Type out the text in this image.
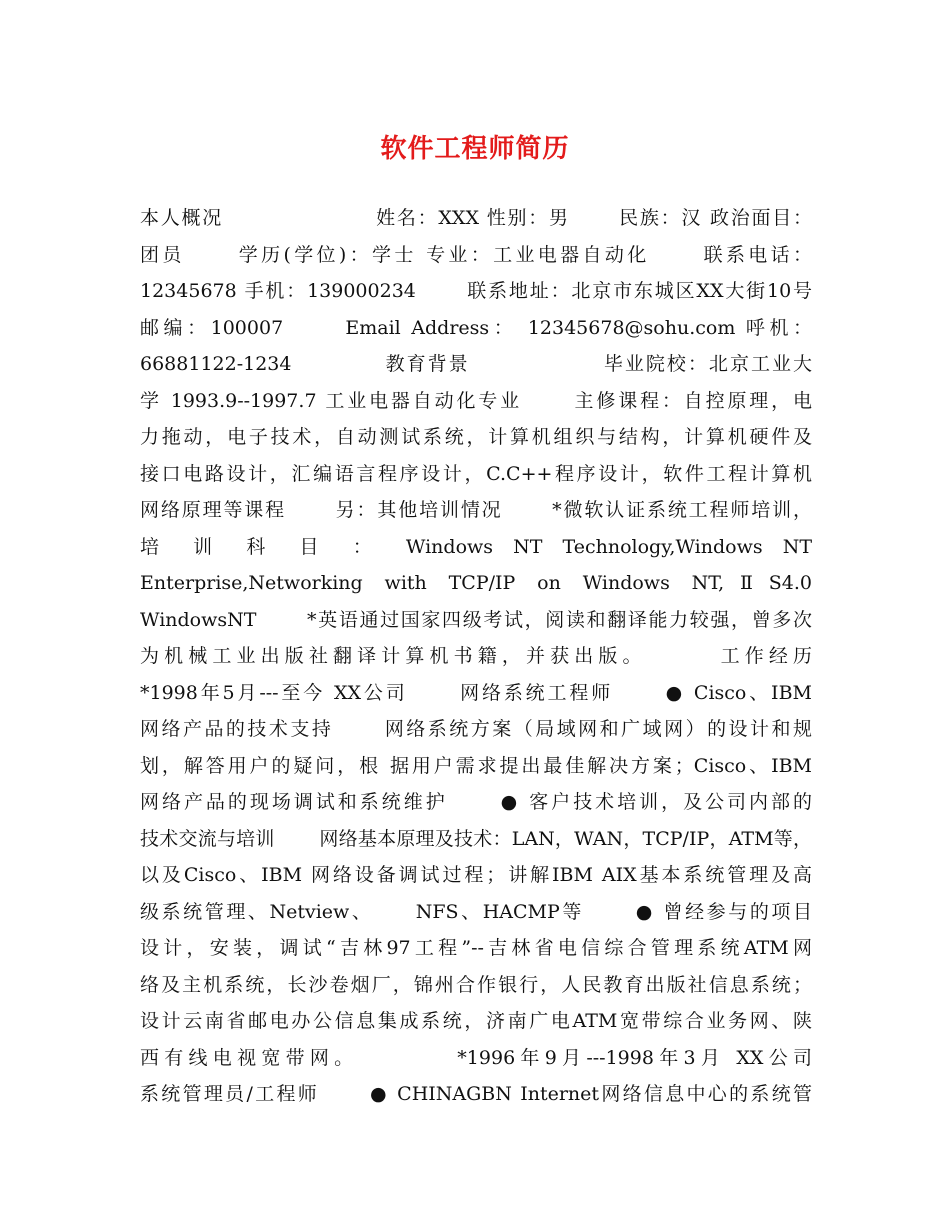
软件工程师简历
本人概况　　　　　　　 姓名：XXX 性别：男　　 民族：汉 政治面目：
团员　　 学历(学位)：学士 专业：工业电器自动化　　 联系电话：
12345678 手机：139000234　　 联系地址：北京市东城区XX大街10号
邮编：100007　　 Email Address： 12345678@sohu.com 呼机：
66881122-1234　　　　 教育背景　　　　　　 毕业院校：北京工业大
学 1993.9--1997.7 工业电器自动化专业　　 主修课程：自控原理，电
力拖动，电子技术，自动测试系统，计算机组织与结构，计算机硬件及
接口电路设计，汇编语言程序设计，C.C++程序设计，软件工程计算机
网络原理等课程　　 另：其他培训情况　　 *微软认证系统工程师培训，
培 训 科 目 ： Windows NT Technology,Windows NT
Enterprise,Networking with TCP/IP on Windows NT,ⅡS4.0
WindowsNT　　 *英语通过国家四级考试，阅读和翻译能力较强，曾多次
为机械工业出版社翻译计算机书籍，并获出版。　　　 工作经历
*1998年5月---至今 XX公司　　 网络系统工程师　　 ● Cisco、IBM
网络产品的技术支持　　 网络系统方案（局域网和广域网）的设计和规
划，解答用户的疑问，根 据用户需求提出最佳解决方案；Cisco、IBM
网络产品的现场调试和系统维护　　 ● 客户技术培训，及公司内部的
技术交流与培训　　 网络基本原理及技术：LAN，WAN，TCP/IP，ATM等，
以及Cisco、IBM 网络设备调试过程；讲解IBM AIX基本系统管理及高
级系统管理、Netview、　　 NFS、HACMP等　　 ● 曾经参与的项目
设计，安装，调试“吉林97工程”--吉林省电信综合管理系统ATM网
络及主机系统，长沙卷烟厂，锦州合作银行，人民教育出版社信息系统；
设计云南省邮电办公信息集成系统，济南广电ATM宽带综合业务网、陕
西有线电视宽带网。　　　　 *1996年9月---1998年3月 XX公司
系统管理员/工程师　　 ● CHINAGBN Internet网络信息中心的系统管
